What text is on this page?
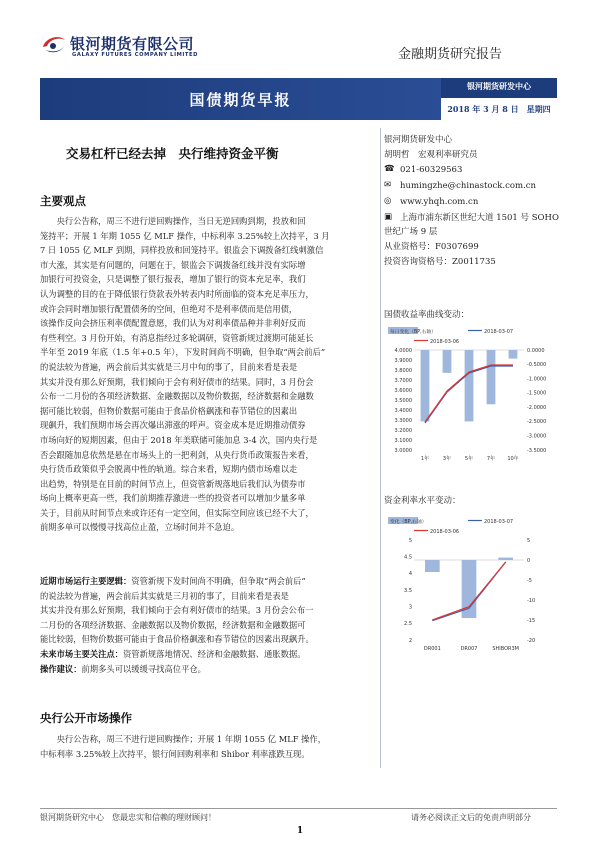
银河期货有限公司
GALAXY FUTURES COMPANY LIMITED	金融期货研究报告
国债期货早报
银河期货研发中心
2018 年 3 月 8 日　星期四
交易杠杆已经去掉　央行维持资金平衡
银河期货研发中心
胡明哲　宏观利率研究员
☎ 021-60329563
✉ humingzhe@chinastock.com.cn
◎ www.yhqh.com.cn
▣ 上海市浦东新区世纪大道 1501 号 SOHO
世纪广场 9 层
从业资格号：F0307699
投资咨询资格号：Z0011735
主要观点
　　央行公告称，周三不进行逆回购操作，当日无逆回购到期，投放和回
笼持平；开展 1 年期 1055 亿 MLF 操作，中标利率 3.25%较上次持平，3 月
7 日 1055 亿 MLF 到期，同样投放和回笼持平。银监会下调拨备红线刺激信
市大涨，其实是有问题的，问题在于，银监会下调拨备红线并没有实际增
加银行可投资金，只是调整了银行报表，增加了银行的资本充足率，我们
认为调整的目的在于降低银行贷款表外转表内时所面临的资本充足率压力，
或许会同时增加银行配置债务的空间，但绝对不是利率债而是信用债，
该操作反向会挤压利率债配置意愿，我们认为对利率债品种并非利好反而
有些利空。3 月份开始，有消息指经过多轮调研，资管新规过渡期可能延长
半年至 2019 年底（1.5 年+0.5 年），下发时间尚不明确，但争取“两会前后”
的说法较为普遍，两会前后其实就是三月中旬的事了，目前来看是表是
其实并没有那么好预期，我们倾向于会有利好债市的结果。同时，3 月份会
公布一二月份的各项经济数据、金融数据以及物价数据，经济数据和金融数
据可能比较弱，但物价数据可能由于食品价格飙涨和春节错位的因素出
现飙升，我们预期市场会再次爆出滞涨的呼声。资金成本是近期推动债券
市场向好的短期因素，但由于 2018 年美联储可能加息 3-4 次，国内央行是
否会跟随加息依然是悬在市场头上的一把利剑，从央行货币政策报告来看，
央行货币政策似乎会脱离中性的轨道。综合来看，短期内债市场难以走
出趋势，特别是在目前的时间节点上，但资管新规落地后我们认为债券市
场向上概率更高一些，我们前期推荐激进一些的投资者可以增加少量多单
关于，目前从时间节点来或许还有一定空间，但实际空间应该已经不大了，
前期多单可以慢慢寻找高位止盈，立场时间并不急迫。
近期市场运行主要逻辑：资管新规下发时间尚不明确，但争取“两会前后”
的说法较为普遍，两会前后其实就是三月初的事了，目前来看是表是
其实并没有那么好预期，我们倾向于会有利好债市的结果。3 月份会公布一
二月份的各项经济数据、金融数据以及物价数据，经济数据和金融数据可
能比较弱，但物价数据可能由于食品价格飙涨和春节错位的因素出现飙升。
未来市场主要关注点：资管新规落地情况、经济和金融数据、通胀数据。
操作建议：前期多头可以缓缓寻找高位平仓。
央行公开市场操作
　　央行公告称，周三不进行逆回购操作；开展 1 年期 1055 亿 MLF 操作，
中标利率 3.25%较上次持平，银行间回购利率和 Shibor 利率涨跌互现。
国债收益率曲线变动：
每日变化（BP,右轴）	2018-03-07
2018-03-06
4.0000
3.9000
3.8000
3.7000
3.6000
3.5000
3.4000
3.3000
3.2000
3.1000
3.0000
0.0000
-0.5000
-1.0000
-1.5000
-2.0000
-2.5000
-3.0000
-3.5000
1年	3年	5年	7年 10年
资金利率水平变动：
变化（BP,右轴）	2018-03-07
2018-03-06
5
4.5
4
3.5
3
2.5
2
5
0
-5
-10
-15
-20
DR001	DR007	SHIBOR3M
银河期货研究中心　您最忠实和信赖的理财顾问！	请务必阅读正文后的免责声明部分
1
